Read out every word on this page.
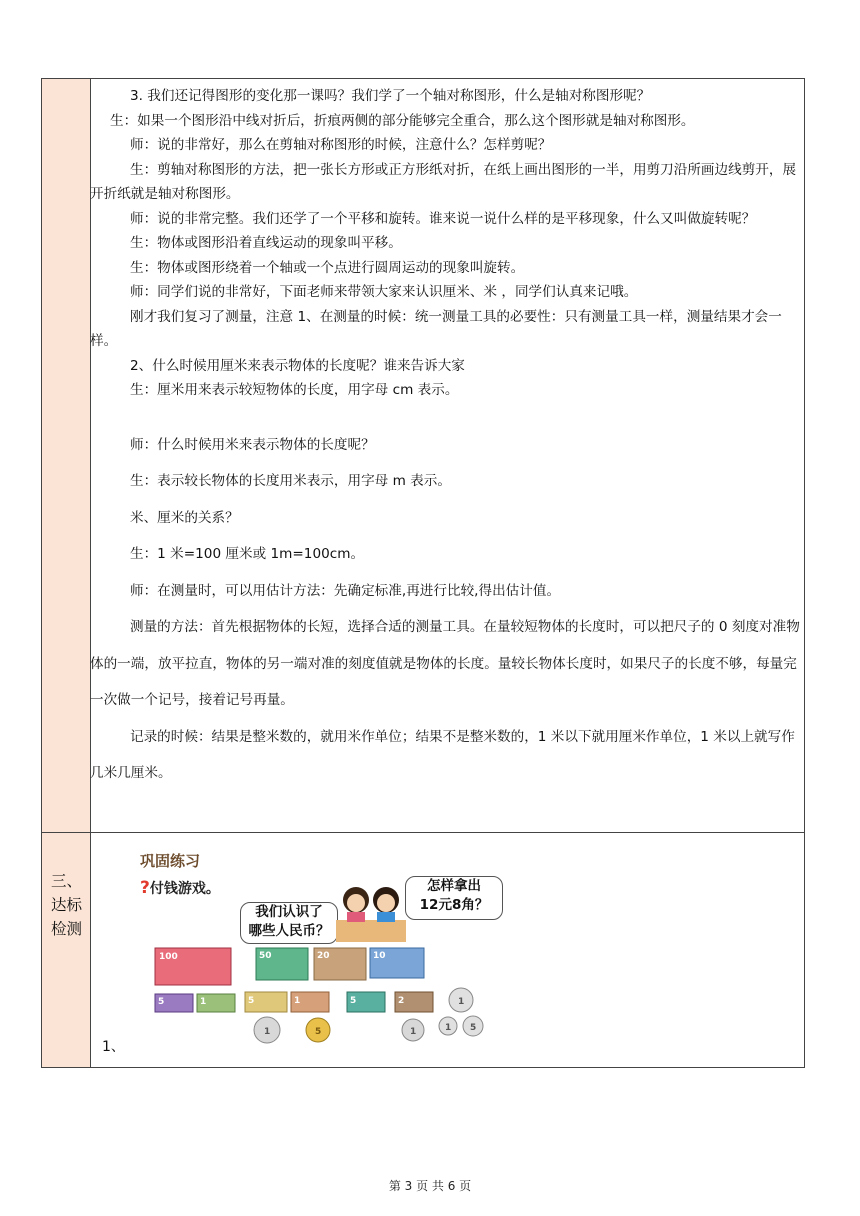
三、
达标
检测

3. 我们还记得图形的变化那一课吗？我们学了一个轴对称图形，什么是轴对称图形呢？

生：如果一个图形沿中线对折后，折痕两侧的部分能够完全重合，那么这个图形就是轴对称图形。

师：说的非常好，那么在剪轴对称图形的时候，注意什么？怎样剪呢？

生：剪轴对称图形的方法，把一张长方形或正方形纸对折，在纸上画出图形的一半，用剪刀沿所画边线剪开，展开折纸就是轴对称图形。

师：说的非常完整。我们还学了一个平移和旋转。谁来说一说什么样的是平移现象，什么又叫做旋转呢？

生：物体或图形沿着直线运动的现象叫平移。

生：物体或图形绕着一个轴或一个点进行圆周运动的现象叫旋转。

师：同学们说的非常好，下面老师来带领大家来认识厘米、米 ，同学们认真来记哦。

刚才我们复习了测量，注意 1、在测量的时候：统一测量工具的必要性：只有测量工具一样，测量结果才会一样。

2、什么时候用厘米来表示物体的长度呢？谁来告诉大家

生：厘米用来表示较短物体的长度，用字母 cm 表示。

师：什么时候用米来表示物体的长度呢？

生：表示较长物体的长度用米表示，用字母 m 表示。

米、厘米的关系？

生：1 米=100 厘米或 1m=100cm。

师：在测量时，可以用估计方法：先确定标准,再进行比较,得出估计值。

测量的方法：首先根据物体的长短，选择合适的测量工具。在量较短物体的长度时，可以把尺子的 0 刻度对准物体的一端，放平拉直，物体的另一端对准的刻度值就是物体的长度。量较长物体长度时，如果尺子的长度不够，每量完一次做一个记号，接着记号再量。

记录的时候：结果是整米数的，就用米作单位；结果不是整米数的，1 米以下就用厘米作单位，1 米以上就写作几米几厘米。

巩固练习
?付钱游戏。
我们认识了
哪些人民币？
怎样拿出
12元8角？
100	50	20	10
5	1	5	1	5	2
1	1
5
1
1 5
1、
第 3 页 共 6 页
